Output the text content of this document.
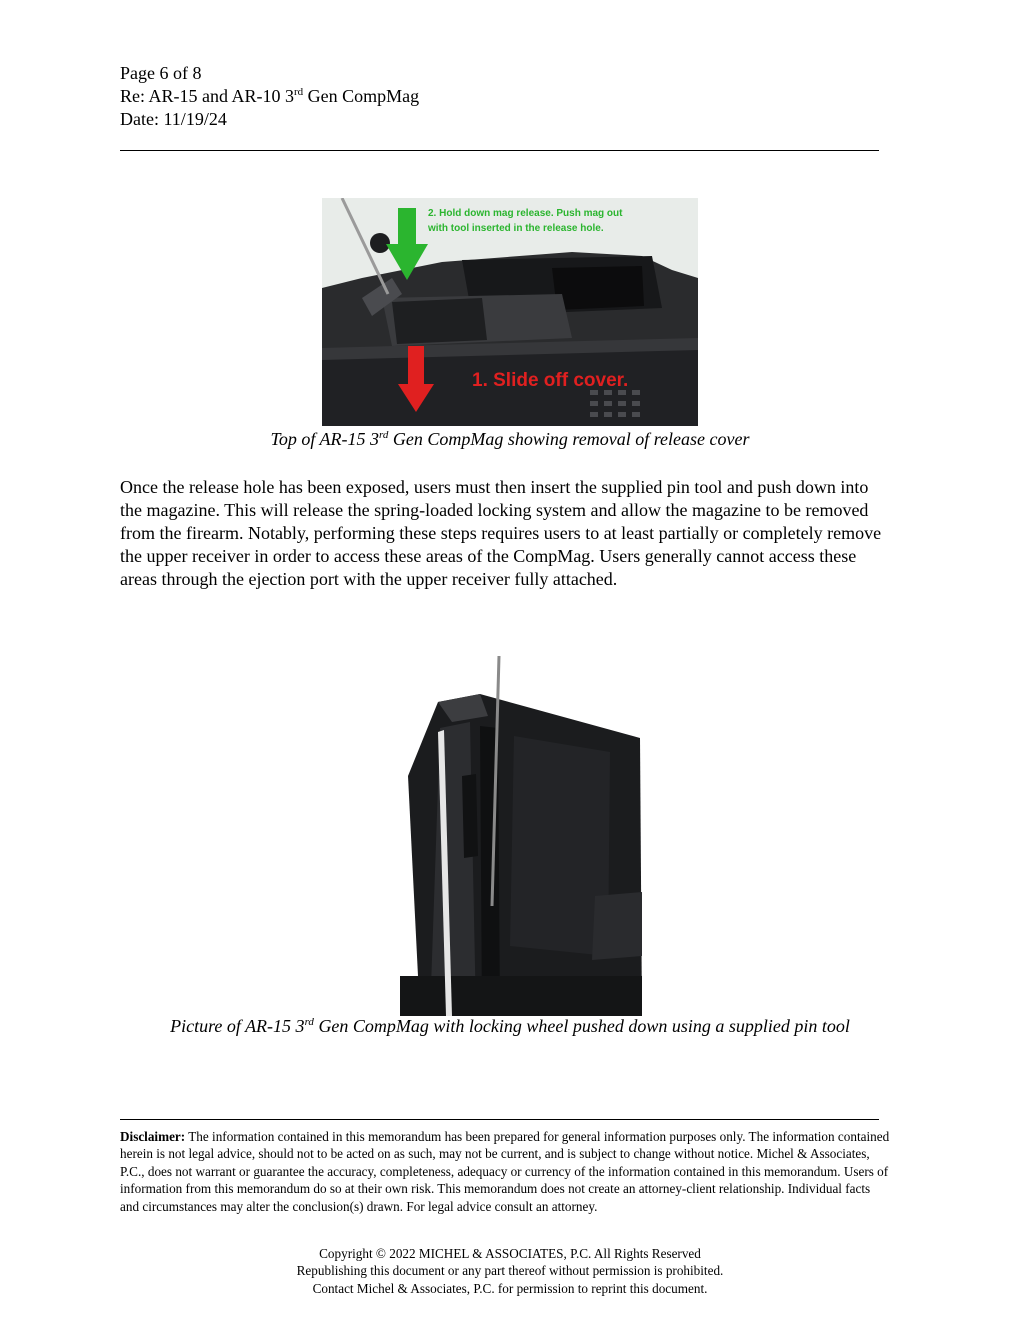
Page 6 of 8
Re: AR-15 and AR-10 3rd Gen CompMag
Date: 11/19/24
2. Hold down mag release. Push mag out with tool inserted in the release hole.
1. Slide off cover.
Top of AR-15 3rd Gen CompMag showing removal of release cover
Once the release hole has been exposed, users must then insert the supplied pin tool and push down into the magazine. This will release the spring-loaded locking system and allow the magazine to be removed from the firearm. Notably, performing these steps requires users to at least partially or completely remove the upper receiver in order to access these areas of the CompMag. Users generally cannot access these areas through the ejection port with the upper receiver fully attached.
Picture of AR-15 3rd Gen CompMag with locking wheel pushed down using a supplied pin tool
Disclaimer: The information contained in this memorandum has been prepared for general information purposes only. The information contained herein is not legal advice, should not to be acted on as such, may not be current, and is subject to change without notice. Michel & Associates, P.C., does not warrant or guarantee the accuracy, completeness, adequacy or currency of the information contained in this memorandum. Users of information from this memorandum do so at their own risk. This memorandum does not create an attorney-client relationship. Individual facts and circumstances may alter the conclusion(s) drawn. For legal advice consult an attorney.
Copyright © 2022 MICHEL & ASSOCIATES, P.C. All Rights Reserved
Republishing this document or any part thereof without permission is prohibited.
Contact Michel & Associates, P.C. for permission to reprint this document.
